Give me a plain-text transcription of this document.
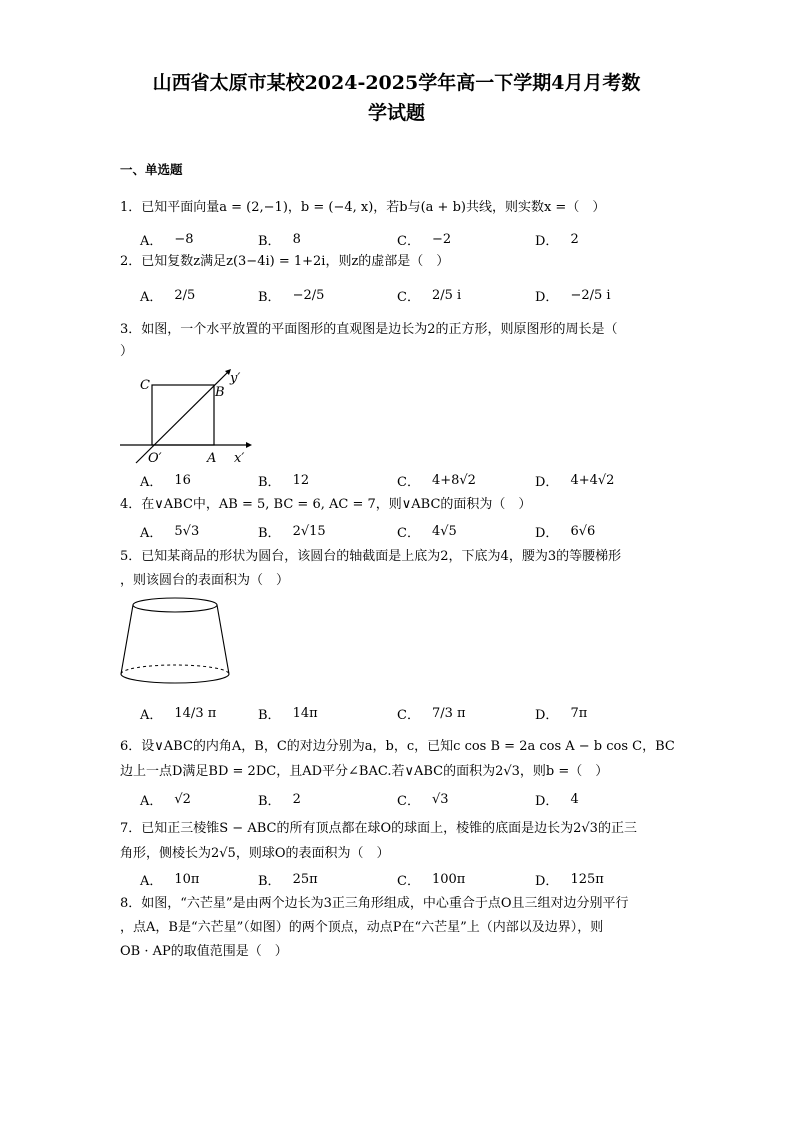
山西省太原市某校2024-2025学年高一下学期4月月考数
学试题
一、单选题
1．已知平面向量a = (2,−1)，b = (−4, x)，若b与(a + b)共线，则实数x =（　）
A． −8	B． 8	C． −2	D． 2
2．已知复数z满足z(3−4i) = 1+2i，则z的虚部是（　）
A． 2/5	B． −2/5	C． 2/5 i	D． −2/5 i
3．如图，一个水平放置的平面图形的直观图是边长为2的正方形，则原图形的周长是（
）
C	B
y′
O′	A x′
A． 16	B． 12	C． 4+8√2	D． 4+4√2
4．在∨ABC中，AB = 5, BC = 6, AC = 7，则∨ABC的面积为（　）
A． 5√3	B． 2√15	C． 4√5	D． 6√6
5．已知某商品的形状为圆台，该圆台的轴截面是上底为2，下底为4，腰为3的等腰梯形
，则该圆台的表面积为（　）
A． 14/3 π	B． 14π	C． 7/3 π	D． 7π
6．设∨ABC的内角A，B，C的对边分别为a，b，c，已知c cos B = 2a cos A − b cos C，BC
边上一点D满足BD = 2DC，且AD平分∠BAC.若∨ABC的面积为2√3，则b =（　）
A． √2	B． 2	C． √3	D． 4
7．已知正三棱锥S − ABC的所有顶点都在球O的球面上，棱锥的底面是边长为2√3的正三
角形，侧棱长为2√5，则球O的表面积为（　）
A． 10π	B． 25π	C． 100π	D． 125π
8．如图，“六芒星”是由两个边长为3正三角形组成，中心重合于点O且三组对边分别平行
，点A，B是“六芒星”（如图）的两个顶点，动点P在“六芒星”上（内部以及边界），则
OB · AP的取值范围是（　）
